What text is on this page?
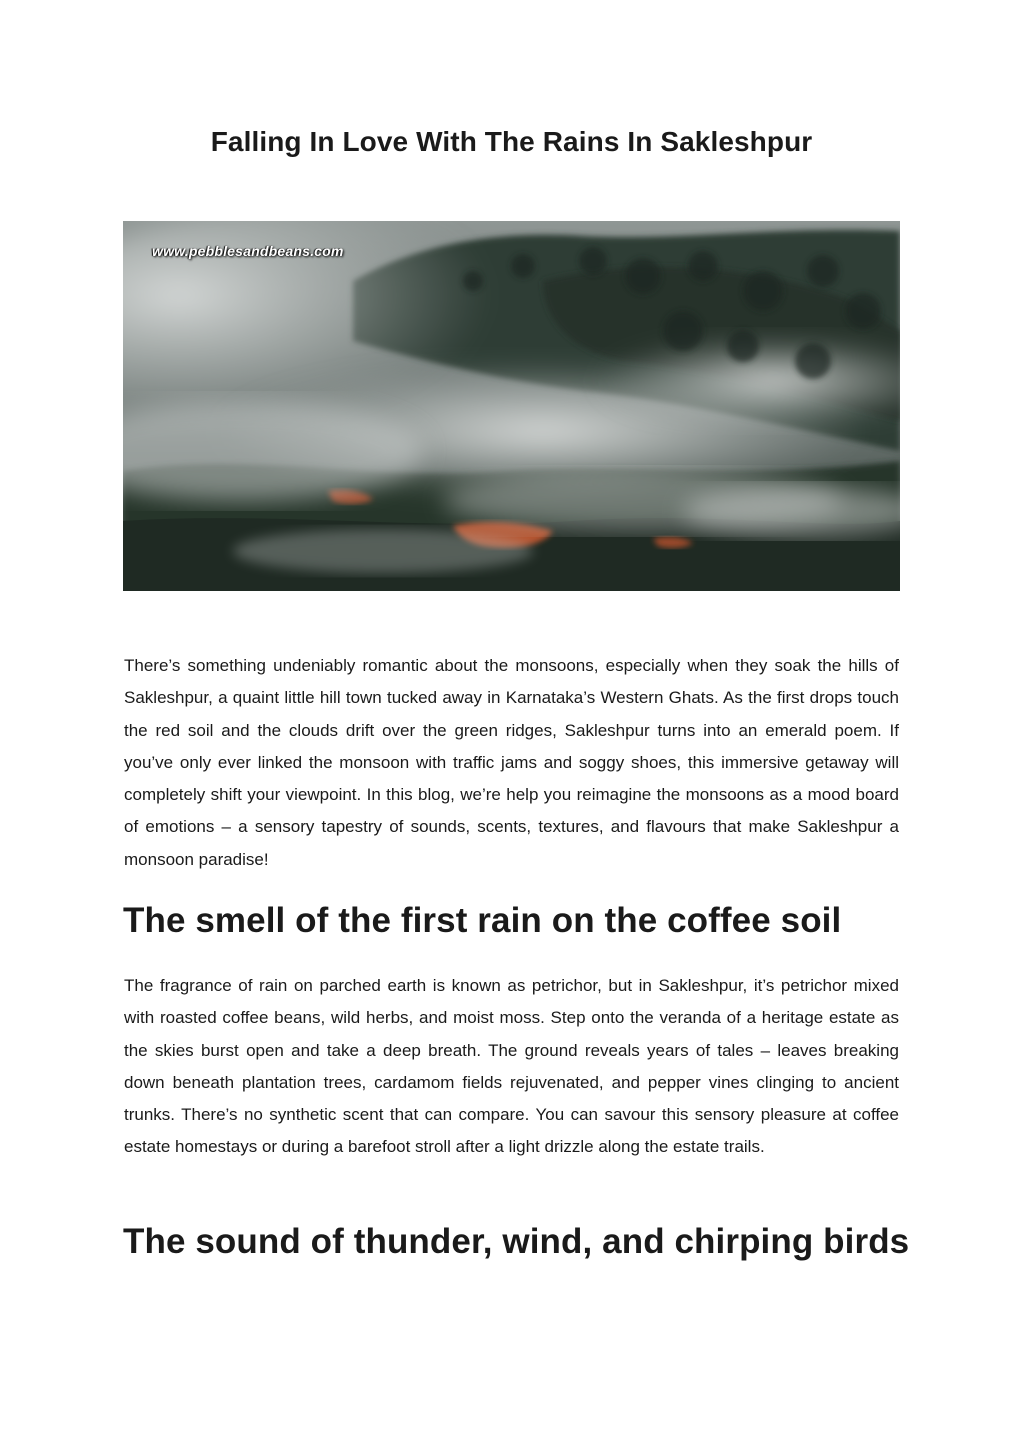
Falling In Love With The Rains In Sakleshpur
www.pebblesandbeans.com

There’s something undeniably romantic about the monsoons, especially when they soak the hills of Sakleshpur, a quaint little hill town tucked away in Karnataka’s Western Ghats. As the first drops touch the red soil and the clouds drift over the green ridges, Sakleshpur turns into an emerald poem. If you’ve only ever linked the monsoon with traffic jams and soggy shoes, this immersive getaway will completely shift your viewpoint. In this blog, we’re help you reimagine the monsoons as a mood board of emotions – a sensory tapestry of sounds, scents, textures, and flavours that make Sakleshpur a monsoon paradise!

The smell of the first rain on the coffee soil

The fragrance of rain on parched earth is known as petrichor, but in Sakleshpur, it’s petrichor mixed with roasted coffee beans, wild herbs, and moist moss. Step onto the veranda of a heritage estate as the skies burst open and take a deep breath. The ground reveals years of tales – leaves breaking down beneath plantation trees, cardamom fields rejuvenated, and pepper vines clinging to ancient trunks. There’s no synthetic scent that can compare. You can savour this sensory pleasure at coffee estate homestays or during a barefoot stroll after a light drizzle along the estate trails.

The sound of thunder, wind, and chirping birds
